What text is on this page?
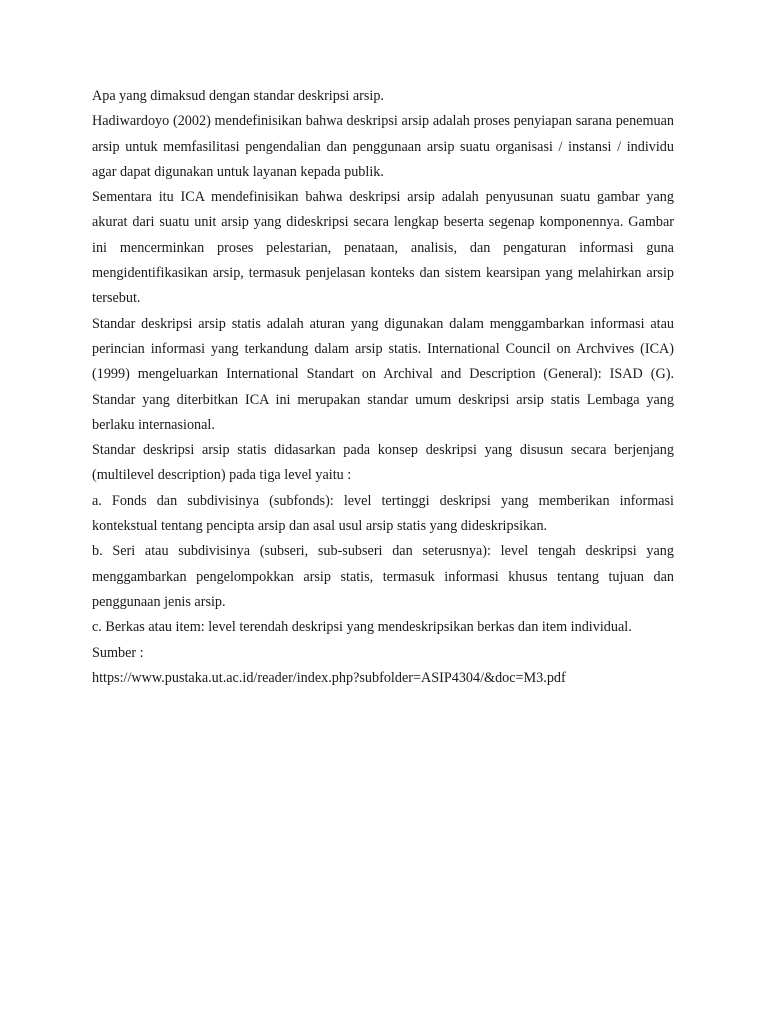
Apa yang dimaksud dengan standar deskripsi arsip.

Hadiwardoyo (2002) mendefinisikan bahwa deskripsi arsip adalah proses penyiapan sarana penemuan arsip untuk memfasilitasi pengendalian dan penggunaan arsip suatu organisasi / instansi / individu agar dapat digunakan untuk layanan kepada publik.

Sementara itu ICA mendefinisikan bahwa deskripsi arsip adalah penyusunan suatu gambar yang akurat dari suatu unit arsip yang dideskripsi secara lengkap beserta segenap komponennya. Gambar ini mencerminkan proses pelestarian, penataan, analisis, dan pengaturan informasi guna mengidentifikasikan arsip, termasuk penjelasan konteks dan sistem kearsipan yang melahirkan arsip tersebut.

Standar deskripsi arsip statis adalah aturan yang digunakan dalam menggambarkan informasi atau perincian informasi yang terkandung dalam arsip statis. International Council on Archvives (ICA) (1999) mengeluarkan International Standart on Archival and Description (General): ISAD (G). Standar yang diterbitkan ICA ini merupakan standar umum deskripsi arsip statis Lembaga yang berlaku internasional.

Standar deskripsi arsip statis didasarkan pada konsep deskripsi yang disusun secara berjenjang (multilevel description) pada tiga level yaitu :

a. Fonds dan subdivisinya (subfonds): level tertinggi deskripsi yang memberikan informasi kontekstual tentang pencipta arsip dan asal usul arsip statis yang dideskripsikan.

b. Seri atau subdivisinya (subseri, sub-subseri dan seterusnya): level tengah deskripsi yang menggambarkan pengelompokkan arsip statis, termasuk informasi khusus tentang tujuan dan penggunaan jenis arsip.

c. Berkas atau item: level terendah deskripsi yang mendeskripsikan berkas dan item individual.

Sumber :

https://www.pustaka.ut.ac.id/reader/index.php?subfolder=ASIP4304/&doc=M3.pdf
